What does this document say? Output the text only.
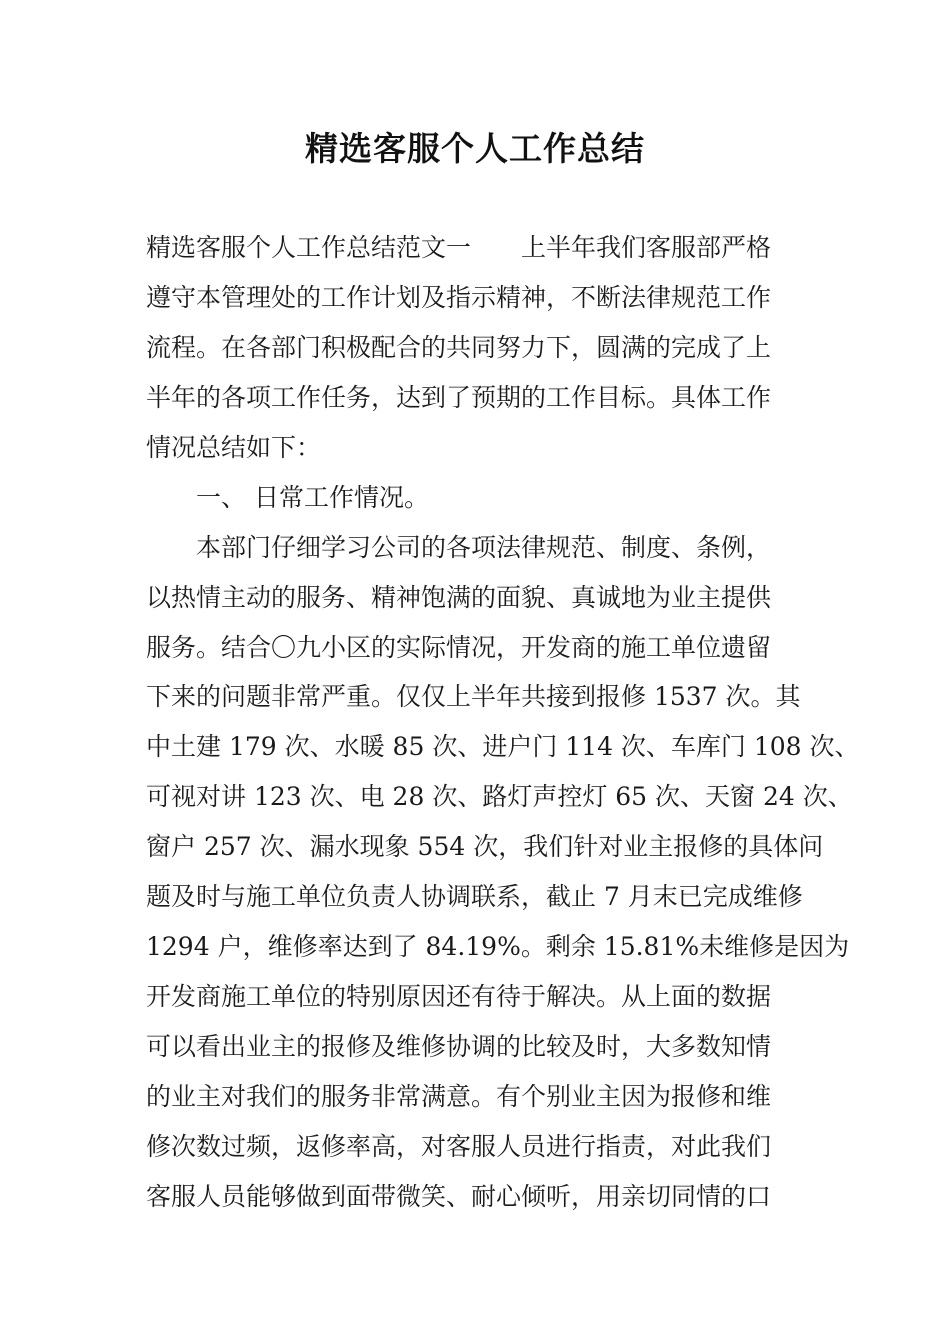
精选客服个人工作总结
精选客服个人工作总结范文一　　上半年我们客服部严格
遵守本管理处的工作计划及指示精神，不断法律规范工作
流程。在各部门积极配合的共同努力下，圆满的完成了上
半年的各项工作任务，达到了预期的工作目标。具体工作
情况总结如下：
一、 日常工作情况。
本部门仔细学习公司的各项法律规范、制度、条例，
以热情主动的服务、精神饱满的面貌、真诚地为业主提供
服务。结合〇九小区的实际情况，开发商的施工单位遗留
下来的问题非常严重。仅仅上半年共接到报修 1537 次。其
中土建 179 次、水暖 85 次、进户门 114 次、车库门 108 次、
可视对讲 123 次、电 28 次、路灯声控灯 65 次、天窗 24 次、
窗户 257 次、漏水现象 554 次，我们针对业主报修的具体问
题及时与施工单位负责人协调联系，截止 7 月末已完成维修
1294 户，维修率达到了 84.19%。剩余 15.81%未维修是因为
开发商施工单位的特别原因还有待于解决。从上面的数据
可以看出业主的报修及维修协调的比较及时，大多数知情
的业主对我们的服务非常满意。有个别业主因为报修和维
修次数过频，返修率高，对客服人员进行指责，对此我们
客服人员能够做到面带微笑、耐心倾听，用亲切同情的口
